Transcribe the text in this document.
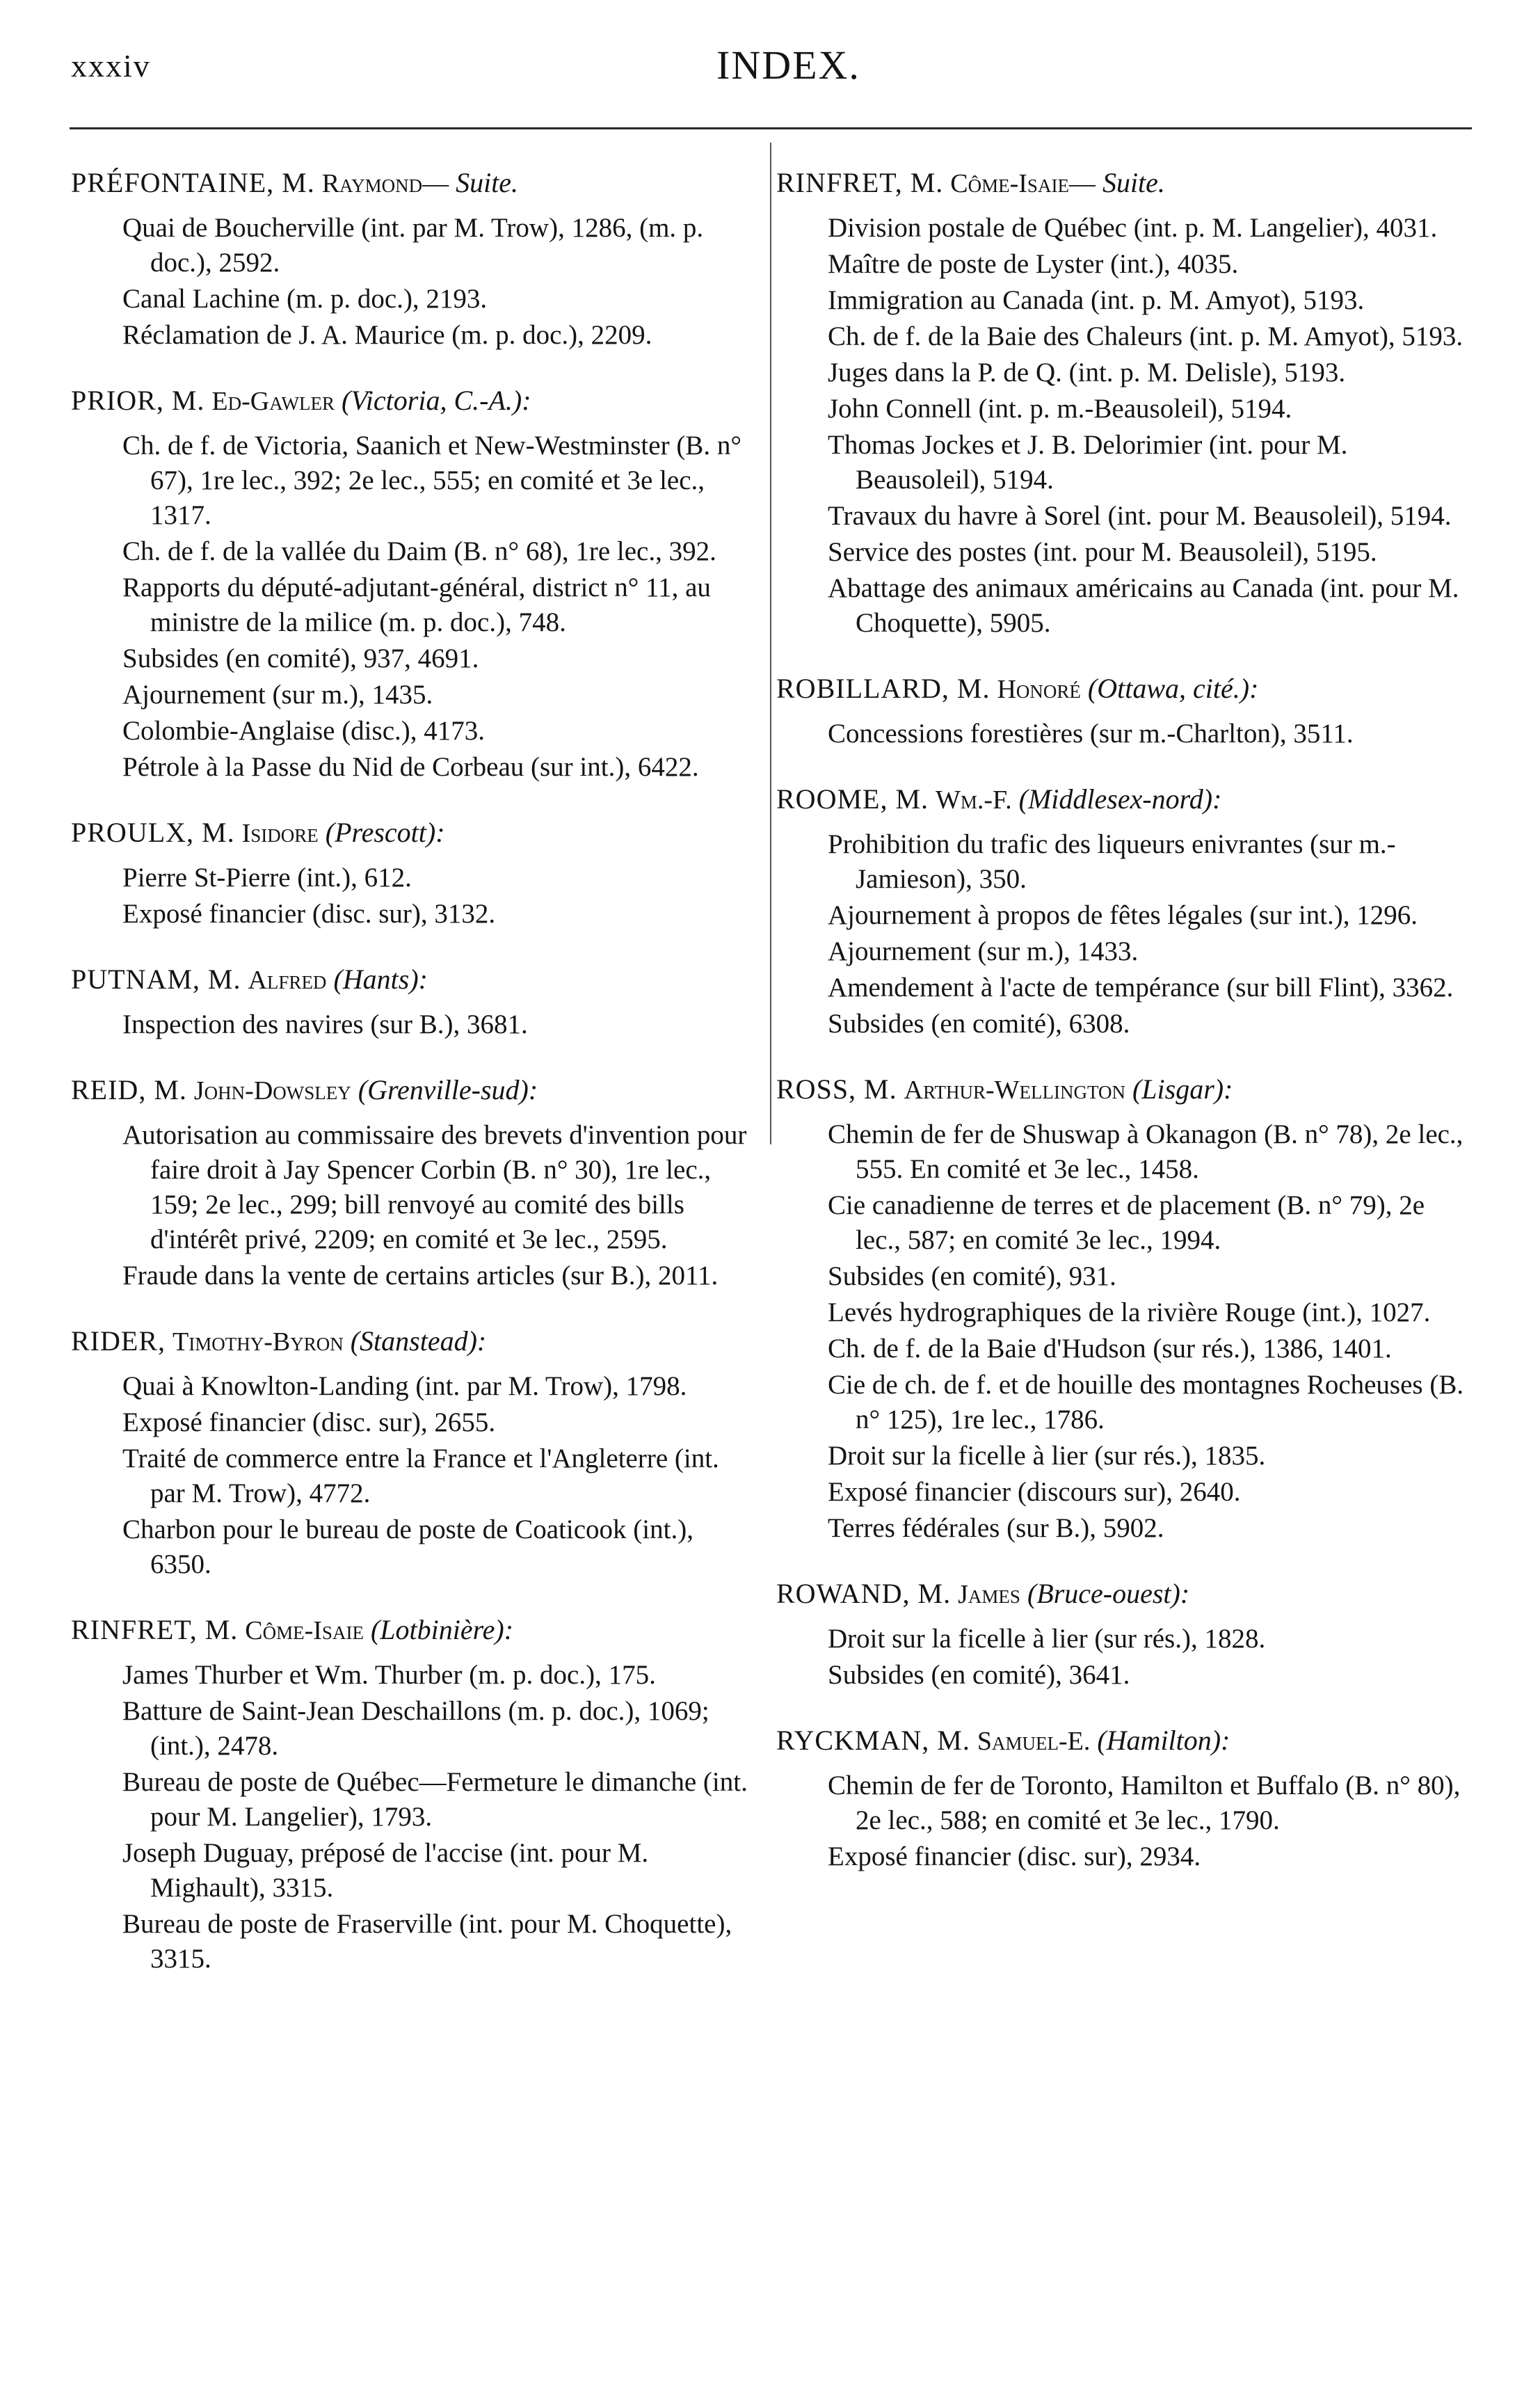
xxxiv	INDEX.
PRÉFONTAINE, M. Raymond— Suite.
Quai de Boucherville (int. par M. Trow), 1286, (m. p. doc.), 2592.
Canal Lachine (m. p. doc.), 2193.
Réclamation de J. A. Maurice (m. p. doc.), 2209.
PRIOR, M. Ed-Gawler (Victoria, C.-A.):
Ch. de f. de Victoria, Saanich et New-Westminster (B. n° 67), 1re lec., 392; 2e lec., 555; en comité et 3e lec., 1317.
Ch. de f. de la vallée du Daim (B. n° 68), 1re lec., 392.
Rapports du député-adjutant-général, district n° 11, au ministre de la milice (m. p. doc.), 748.
Subsides (en comité), 937, 4691.
Ajournement (sur m.), 1435.
Colombie-Anglaise (disc.), 4173.
Pétrole à la Passe du Nid de Corbeau (sur int.), 6422.
PROULX, M. Isidore (Prescott):
Pierre St-Pierre (int.), 612.
Exposé financier (disc. sur), 3132.
PUTNAM, M. Alfred (Hants):
Inspection des navires (sur B.), 3681.
REID, M. John-Dowsley (Grenville-sud):
Autorisation au commissaire des brevets d'invention pour faire droit à Jay Spencer Corbin (B. n° 30), 1re lec., 159; 2e lec., 299; bill renvoyé au comité des bills d'intérêt privé, 2209; en comité et 3e lec., 2595.
Fraude dans la vente de certains articles (sur B.), 2011.
RIDER, Timothy-Byron (Stanstead):
Quai à Knowlton-Landing (int. par M. Trow), 1798.
Exposé financier (disc. sur), 2655.
Traité de commerce entre la France et l'Angleterre (int. par M. Trow), 4772.
Charbon pour le bureau de poste de Coaticook (int.), 6350.
RINFRET, M. Côme-Isaie (Lotbinière):
James Thurber et Wm. Thurber (m. p. doc.), 175.
Batture de Saint-Jean Deschaillons (m. p. doc.), 1069; (int.), 2478.
Bureau de poste de Québec—Fermeture le dimanche (int. pour M. Langelier), 1793.
Joseph Duguay, préposé de l'accise (int. pour M. Mighault), 3315.
Bureau de poste de Fraserville (int. pour M. Choquette), 3315.
RINFRET, M. Côme-Isaie— Suite.
Division postale de Québec (int. p. M. Langelier), 4031.
Maître de poste de Lyster (int.), 4035.
Immigration au Canada (int. p. M. Amyot), 5193.
Ch. de f. de la Baie des Chaleurs (int. p. M. Amyot), 5193.
Juges dans la P. de Q. (int. p. M. Delisle), 5193.
John Connell (int. p. m.-Beausoleil), 5194.
Thomas Jockes et J. B. Delorimier (int. pour M. Beausoleil), 5194.
Travaux du havre à Sorel (int. pour M. Beausoleil), 5194.
Service des postes (int. pour M. Beausoleil), 5195.
Abattage des animaux américains au Canada (int. pour M. Choquette), 5905.
ROBILLARD, M. Honoré (Ottawa, cité.):
Concessions forestières (sur m.-Charlton), 3511.
ROOME, M. Wm.-F. (Middlesex-nord):
Prohibition du trafic des liqueurs enivrantes (sur m.-Jamieson), 350.
Ajournement à propos de fêtes légales (sur int.), 1296.
Ajournement (sur m.), 1433.
Amendement à l'acte de tempérance (sur bill Flint), 3362.
Subsides (en comité), 6308.
ROSS, M. Arthur-Wellington (Lisgar):
Chemin de fer de Shuswap à Okanagon (B. n° 78), 2e lec., 555. En comité et 3e lec., 1458.
Cie canadienne de terres et de placement (B. n° 79), 2e lec., 587; en comité 3e lec., 1994.
Subsides (en comité), 931.
Levés hydrographiques de la rivière Rouge (int.), 1027.
Ch. de f. de la Baie d'Hudson (sur rés.), 1386, 1401.
Cie de ch. de f. et de houille des montagnes Rocheuses (B. n° 125), 1re lec., 1786.
Droit sur la ficelle à lier (sur rés.), 1835.
Exposé financier (discours sur), 2640.
Terres fédérales (sur B.), 5902.
ROWAND, M. James (Bruce-ouest):
Droit sur la ficelle à lier (sur rés.), 1828.
Subsides (en comité), 3641.
RYCKMAN, M. Samuel-E. (Hamilton):
Chemin de fer de Toronto, Hamilton et Buffalo (B. n° 80), 2e lec., 588; en comité et 3e lec., 1790.
Exposé financier (disc. sur), 2934.
